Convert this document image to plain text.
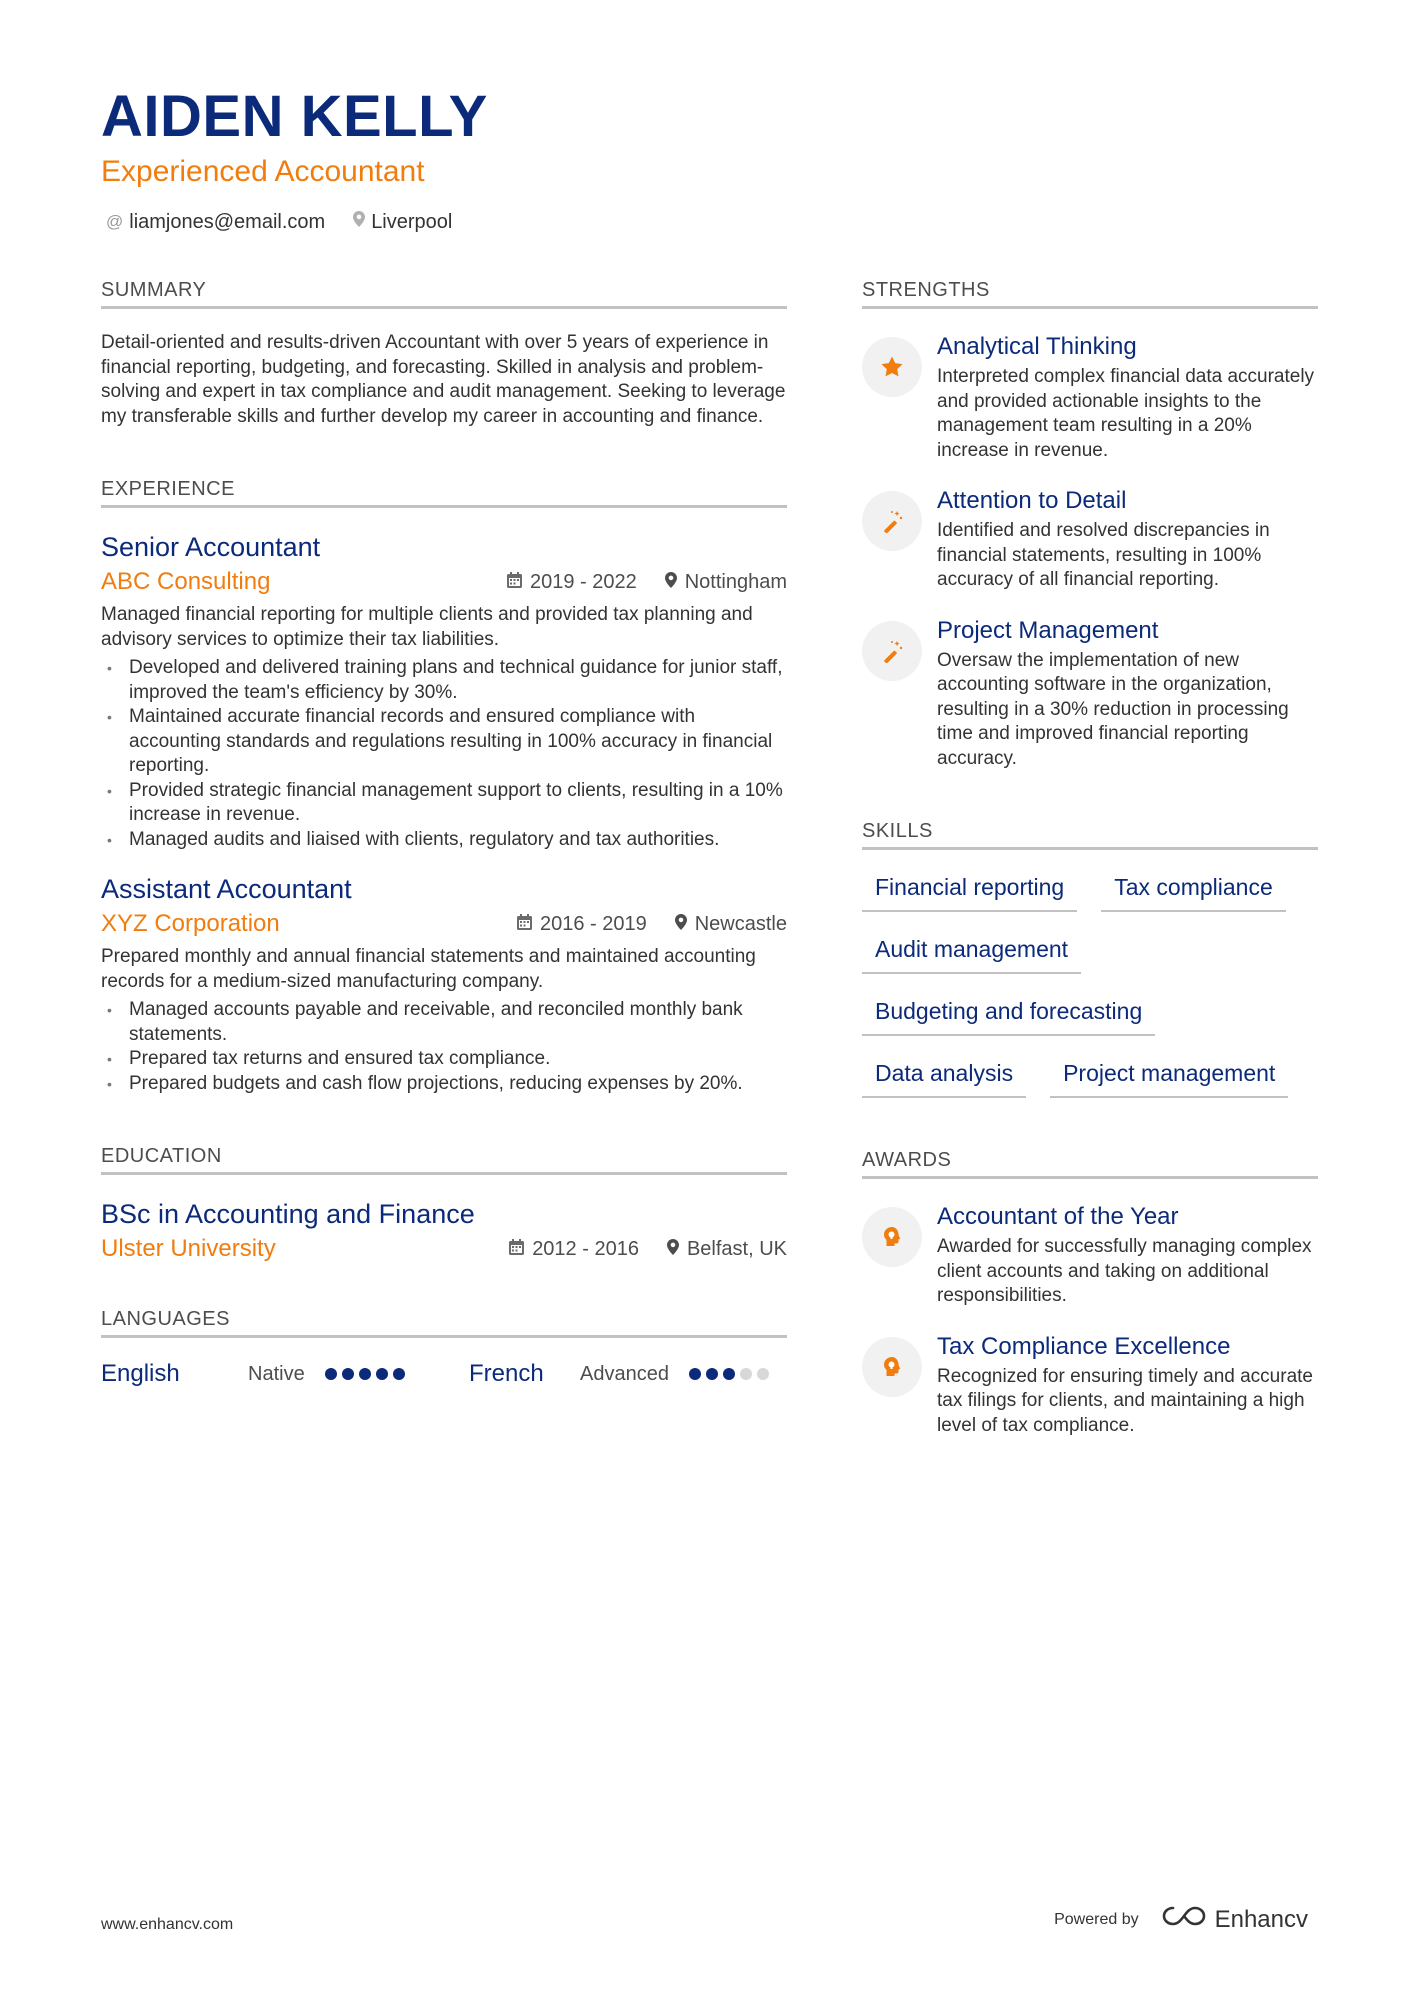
AIDEN KELLY
Experienced Accountant
@ liamjones@email.com Liverpool
SUMMARY

Detail-oriented and results-driven Accountant with over 5 years of experience in financial reporting, budgeting, and forecasting. Skilled in analysis and problem-solving and expert in tax compliance and audit management. Seeking to leverage my transferable skills and further develop my career in accounting and finance.

EXPERIENCE
Senior Accountant
ABC Consulting	2019 - 2022 Nottingham

Managed financial reporting for multiple clients and provided tax planning and advisory services to optimize their tax liabilities.

• Developed and delivered training plans and technical guidance for junior staff, improved the team's efficiency by 30%.
• Maintained accurate financial records and ensured compliance with accounting standards and regulations resulting in 100% accuracy in financial reporting.
• Provided strategic financial management support to clients, resulting in a 10% increase in revenue.
• Managed audits and liaised with clients, regulatory and tax authorities.
Assistant Accountant
XYZ Corporation	2016 - 2019 Newcastle

Prepared monthly and annual financial statements and maintained accounting records for a medium-sized manufacturing company.

• Managed accounts payable and receivable, and reconciled monthly bank statements.
• Prepared tax returns and ensured tax compliance.
• Prepared budgets and cash flow projections, reducing expenses by 20%.
EDUCATION
BSc in Accounting and Finance
Ulster University	2012 - 2016 Belfast, UK
LANGUAGES
English	Native	French	Advanced
STRENGTHS
Analytical Thinking

Interpreted complex financial data accurately and provided actionable insights to the management team resulting in a 20% increase in revenue.

Attention to Detail

Identified and resolved discrepancies in financial statements, resulting in 100% accuracy of all financial reporting.

Project Management

Oversaw the implementation of new accounting software in the organization, resulting in a 30% reduction in processing time and improved financial reporting accuracy.

SKILLS
Financial reporting	Tax compliance
Audit management
Budgeting and forecasting
Data analysis	Project management
AWARDS
Accountant of the Year

Awarded for successfully managing complex client accounts and taking on additional responsibilities.

Tax Compliance Excellence

Recognized for ensuring timely and accurate tax filings for clients, and maintaining a high level of tax compliance.

www.enhancv.com	Powered by	Enhancv
